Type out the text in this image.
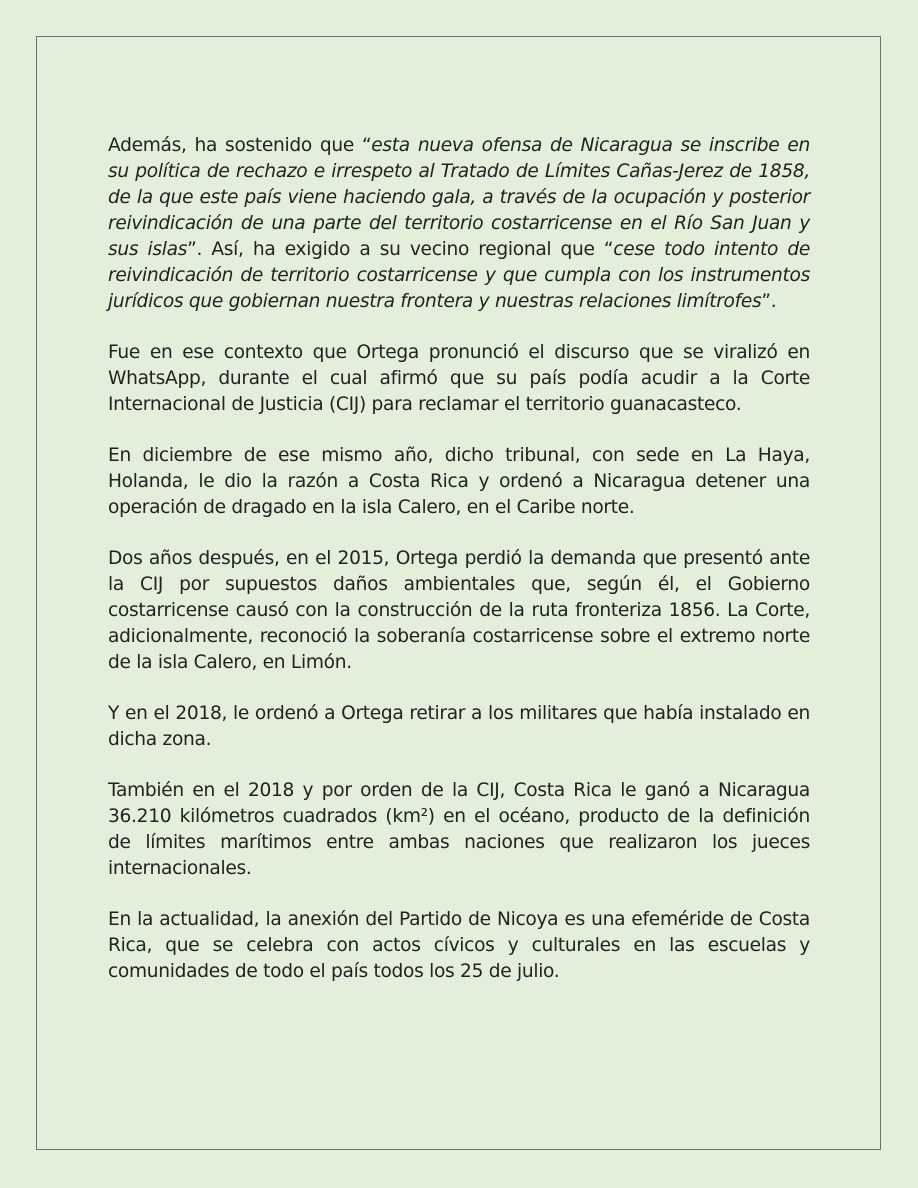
Además, ha sostenido que “esta nueva ofensa de Nicaragua se inscribe en su política de rechazo e irrespeto al Tratado de Límites Cañas-Jerez de 1858, de la que este país viene haciendo gala, a través de la ocupación y posterior reivindicación de una parte del territorio costarricense en el Río San Juan y sus islas”. Así, ha exigido a su vecino regional que “cese todo intento de reivindicación de territorio costarricense y que cumpla con los instrumentos jurídicos que gobiernan nuestra frontera y nuestras relaciones limítrofes”.

Fue en ese contexto que Ortega pronunció el discurso que se viralizó en WhatsApp, durante el cual afirmó que su país podía acudir a la Corte Internacional de Justicia (CIJ) para reclamar el territorio guanacasteco.

En diciembre de ese mismo año, dicho tribunal, con sede en La Haya, Holanda, le dio la razón a Costa Rica y ordenó a Nicaragua detener una operación de dragado en la isla Calero, en el Caribe norte.

Dos años después, en el 2015, Ortega perdió la demanda que presentó ante la CIJ por supuestos daños ambientales que, según él, el Gobierno costarricense causó con la construcción de la ruta fronteriza 1856. La Corte, adicionalmente, reconoció la soberanía costarricense sobre el extremo norte de la isla Calero, en Limón.

Y en el 2018, le ordenó a Ortega retirar a los militares que había instalado en dicha zona.

También en el 2018 y por orden de la CIJ, Costa Rica le ganó a Nicaragua 36.210 kilómetros cuadrados (km²) en el océano, producto de la definición de límites marítimos entre ambas naciones que realizaron los jueces internacionales.

En la actualidad, la anexión del Partido de Nicoya es una efeméride de Costa Rica, que se celebra con actos cívicos y culturales en las escuelas y comunidades de todo el país todos los 25 de julio.
